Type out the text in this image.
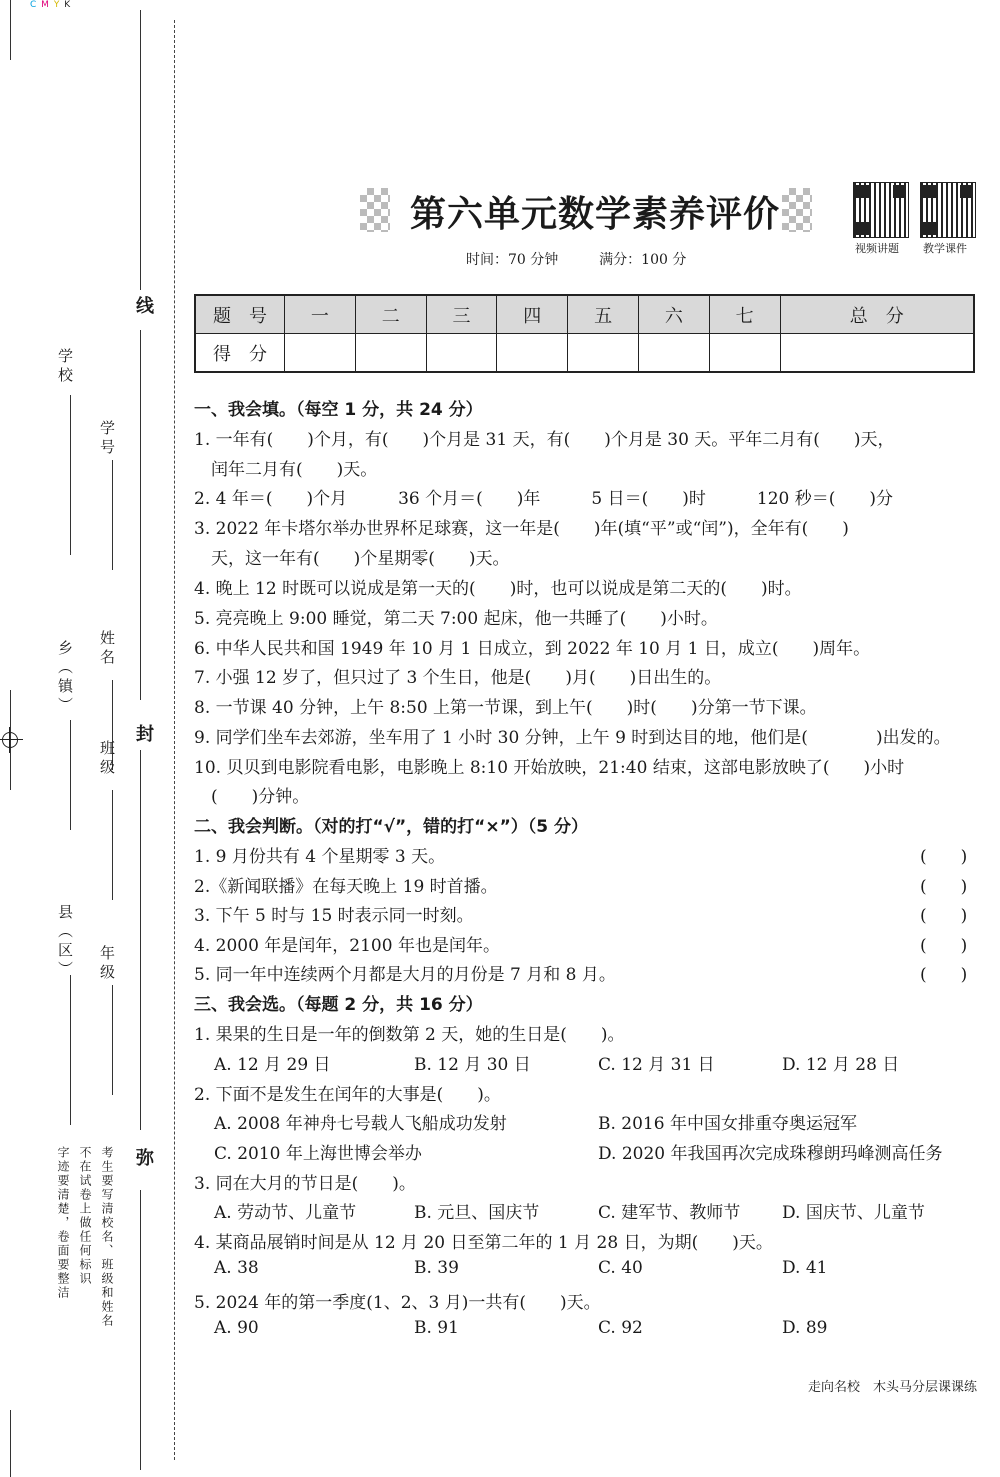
C M Y K
线
封
弥
学校
学号
乡（镇） 姓名
班级
县（区） 年级
考生要写清校名、班级和姓名
不在试卷上做任何标识
字迹要清楚，卷面要整洁
第六单元数学素养评价
时间：70 分钟	满分：100 分
视频讲题 教学课件
题　号	一	二	三	四	五	六	七	总　分
得　分								
一、我会填。（每空 1 分，共 24 分）
1. 一年有(　　)个月，有(　　)个月是 31 天，有(　　)个月是 30 天。平年二月有(　　)天，
　闰年二月有(　　)天。
2. 4 年＝(　　)个月　　　36 个月＝(　　)年　　　5 日＝(　　)时　　　120 秒＝(　　)分
3. 2022 年卡塔尔举办世界杯足球赛，这一年是(　　)年(填“平”或“闰”)，全年有(　　)
　天，这一年有(　　)个星期零(　　)天。
4. 晚上 12 时既可以说成是第一天的(　　)时，也可以说成是第二天的(　　)时。
5. 亮亮晚上 9:00 睡觉，第二天 7:00 起床，他一共睡了(　　)小时。
6. 中华人民共和国 1949 年 10 月 1 日成立，到 2022 年 10 月 1 日，成立(　　)周年。
7. 小强 12 岁了，但只过了 3 个生日，他是(　　)月(　　)日出生的。
8. 一节课 40 分钟，上午 8:50 上第一节课，到上午(　　)时(　　)分第一节下课。
9. 同学们坐车去郊游，坐车用了 1 小时 30 分钟，上午 9 时到达目的地，他们是(　　　　)出发的。
10. 贝贝到电影院看电影，电影晚上 8:10 开始放映，21:40 结束，这部电影放映了(　　)小时
　(　　)分钟。
二、我会判断。（对的打“√”，错的打“×”）（5 分）
1. 9 月份共有 4 个星期零 3 天。	(　　)
2.《新闻联播》在每天晚上 19 时首播。	(　　)
3. 下午 5 时与 15 时表示同一时刻。	(　　)
4. 2000 年是闰年，2100 年也是闰年。	(　　)
5. 同一年中连续两个月都是大月的月份是 7 月和 8 月。	(　　)
三、我会选。（每题 2 分，共 16 分）
1. 果果的生日是一年的倒数第 2 天，她的生日是(　　)。
A. 12 月 29 日	B. 12 月 30 日	C. 12 月 31 日	D. 12 月 28 日
2. 下面不是发生在闰年的大事是(　　)。
A. 2008 年神舟七号载人飞船成功发射	B. 2016 年中国女排重夺奥运冠军
C. 2010 年上海世博会举办	D. 2020 年我国再次完成珠穆朗玛峰测高任务
3. 同在大月的节日是(　　)。
A. 劳动节、儿童节	B. 元旦、国庆节	C. 建军节、教师节 D. 国庆节、儿童节
4. 某商品展销时间是从 12 月 20 日至第二年的 1 月 28 日，为期(　　)天。
A. 38	B. 39	C. 40	D. 41
5. 2024 年的第一季度(1、2、3 月)一共有(　　)天。
A. 90	B. 91	C. 92	D. 89
走向名校　木头马分层课课练
